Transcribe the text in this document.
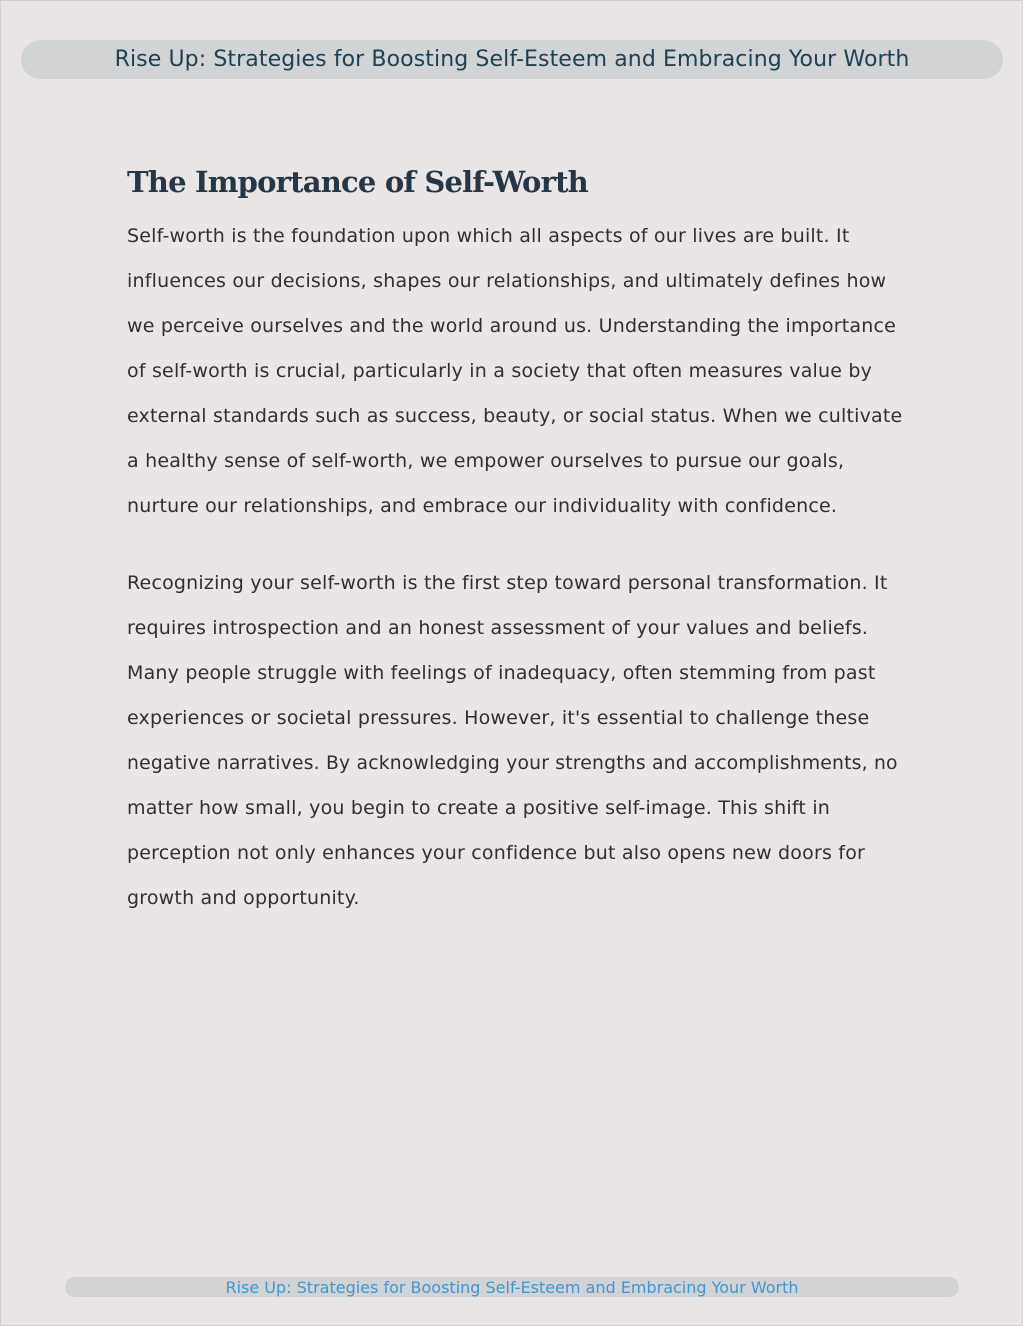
Rise Up: Strategies for Boosting Self-Esteem and Embracing Your Worth
The Importance of Self-Worth

Self-worth is the foundation upon which all aspects of our lives are built. It
influences our decisions, shapes our relationships, and ultimately defines how
we perceive ourselves and the world around us. Understanding the importance
of self-worth is crucial, particularly in a society that often measures value by
external standards such as success, beauty, or social status. When we cultivate
a healthy sense of self-worth, we empower ourselves to pursue our goals,
nurture our relationships, and embrace our individuality with confidence.

Recognizing your self-worth is the first step toward personal transformation. It
requires introspection and an honest assessment of your values and beliefs.
Many people struggle with feelings of inadequacy, often stemming from past
experiences or societal pressures. However, it's essential to challenge these
negative narratives. By acknowledging your strengths and accomplishments, no
matter how small, you begin to create a positive self-image. This shift in
perception not only enhances your confidence but also opens new doors for
growth and opportunity.

Rise Up: Strategies for Boosting Self-Esteem and Embracing Your Worth
